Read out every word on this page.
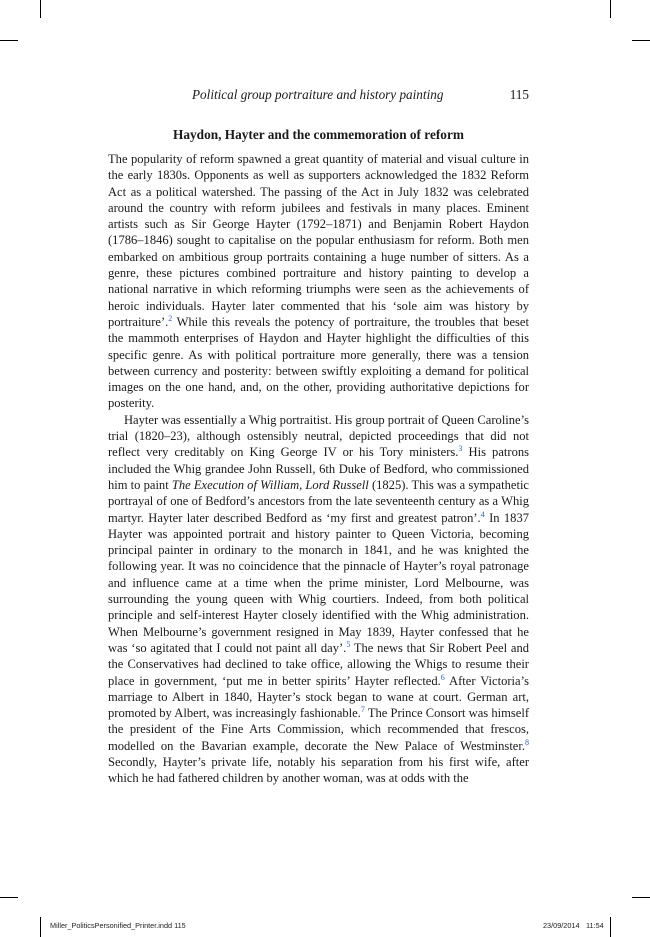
Political group portraiture and history painting	115
Haydon, Hayter and the commemoration of reform

The popularity of reform spawned a great quantity of material and visual culture in the early 1830s. Opponents as well as supporters acknowledged the 1832 Reform Act as a political watershed. The passing of the Act in July 1832 was celebrated around the country with reform jubilees and festivals in many places. Eminent artists such as Sir George Hayter (1792–1871) and Benjamin Robert Haydon (1786–1846) sought to capitalise on the popular enthusiasm for reform. Both men embarked on ambitious group portraits containing a huge number of sitters. As a genre, these pictures combined portraiture and history painting to develop a national narrative in which reforming triumphs were seen as the achievements of heroic individuals. Hayter later commented that his ‘sole aim was history by portraiture’.$^2$ While this reveals the potency of portraiture, the troubles that beset the mammoth enterprises of Haydon and Hayter highlight the difficulties of this specific genre. As with political portraiture more generally, there was a tension between currency and posterity: between swiftly exploiting a demand for political images on the one hand, and, on the other, providing authoritative depictions for posterity.

Hayter was essentially a Whig portraitist. His group portrait of Queen Caroline’s trial (1820–23), although ostensibly neutral, depicted proceedings that did not reflect very creditably on King George IV or his Tory ministers.$^3$ His patrons included the Whig grandee John Russell, 6th Duke of Bedford, who commissioned him to paint The Execution of William, Lord Russell (1825). This was a sympathetic portrayal of one of Bedford’s ancestors from the late seventeenth century as a Whig martyr. Hayter later described Bedford as ‘my first and greatest patron’.$^4$ In 1837 Hayter was appointed portrait and history painter to Queen Victoria, becoming principal painter in ordinary to the monarch in 1841, and he was knighted the following year. It was no coincidence that the pinnacle of Hayter’s royal patronage and influence came at a time when the prime minister, Lord Melbourne, was surrounding the young queen with Whig courtiers. Indeed, from both political principle and self-interest Hayter closely identified with the Whig administration. When Melbourne’s government resigned in May 1839, Hayter confessed that he was ‘so agitated that I could not paint all day’.$^5$ The news that Sir Robert Peel and the Conservatives had declined to take office, allowing the Whigs to resume their place in government, ‘put me in better spirits’ Hayter reflected.$^6$ After Victoria’s marriage to Albert in 1840, Hayter’s stock began to wane at court. German art, promoted by Albert, was increasingly fashionable.$^7$ The Prince Consort was himself the president of the Fine Arts Commission, which recommended that frescos, modelled on the Bavarian example, decorate the New Palace of Westminster.$^8$ Secondly, Hayter’s private life, notably his separation from his first wife, after which he had fathered children by another woman, was at odds with the

Miller_PoliticsPersonified_Printer.indd 115	23/09/2014 11:54
